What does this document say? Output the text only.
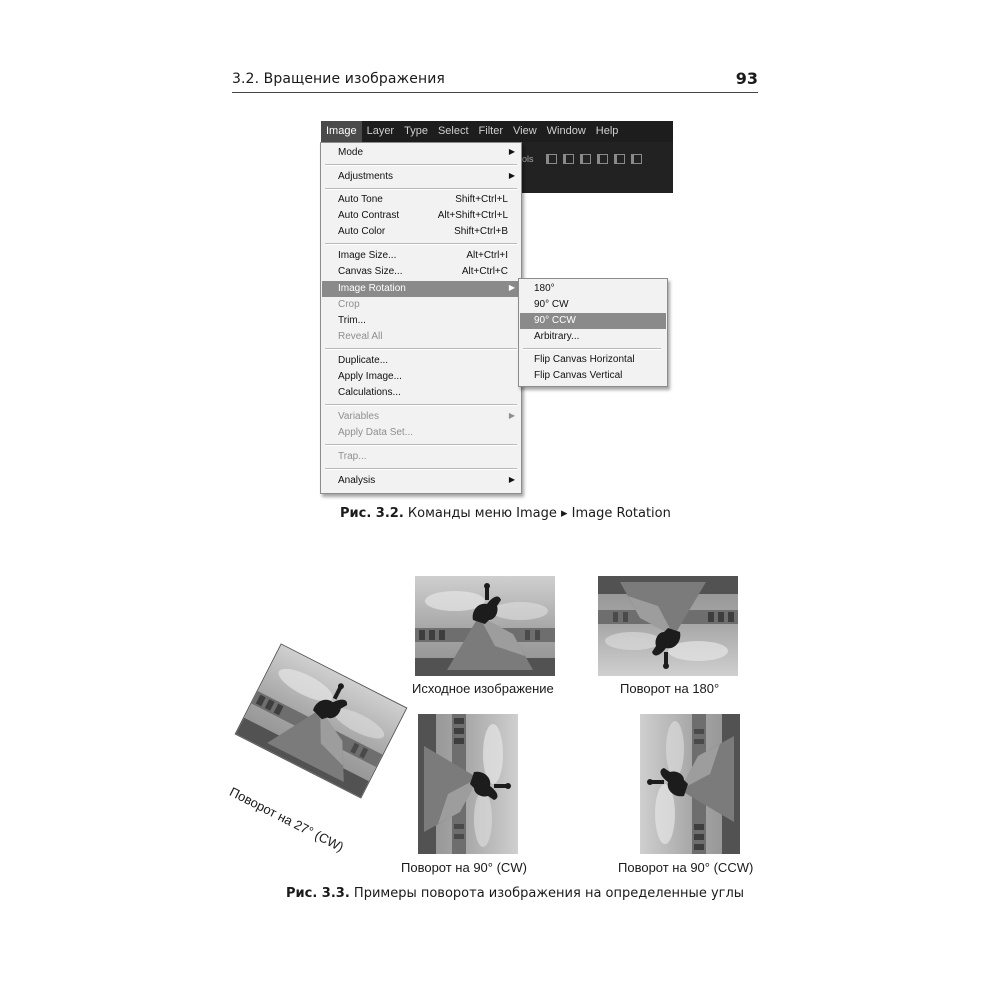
3.2. Вращение изображения	93
Image Layer Type Select Filter View Window Help
ols
Mode	▶
Adjustments	▶
Auto Tone	Shift+Ctrl+L
Auto Contrast	Alt+Shift+Ctrl+L
Auto Color	Shift+Ctrl+B
Image Size...	Alt+Ctrl+I
Canvas Size...	Alt+Ctrl+C
Image Rotation	▶
Crop
Trim...
Reveal All
Duplicate...
Apply Image...
Calculations...
Variables	▶
Apply Data Set...
Trap...
Analysis	▶
180°
90° CW
90° CCW
Arbitrary...
Flip Canvas Horizontal
Flip Canvas Vertical
Рис. 3.2. Команды меню Image ▸ Image Rotation
Исходное изображение	Поворот на 180°
Поворот на 27° (CW)
Поворот на 90° (CW)	Поворот на 90° (CCW)
Рис. 3.3. Примеры поворота изображения на определенные углы
